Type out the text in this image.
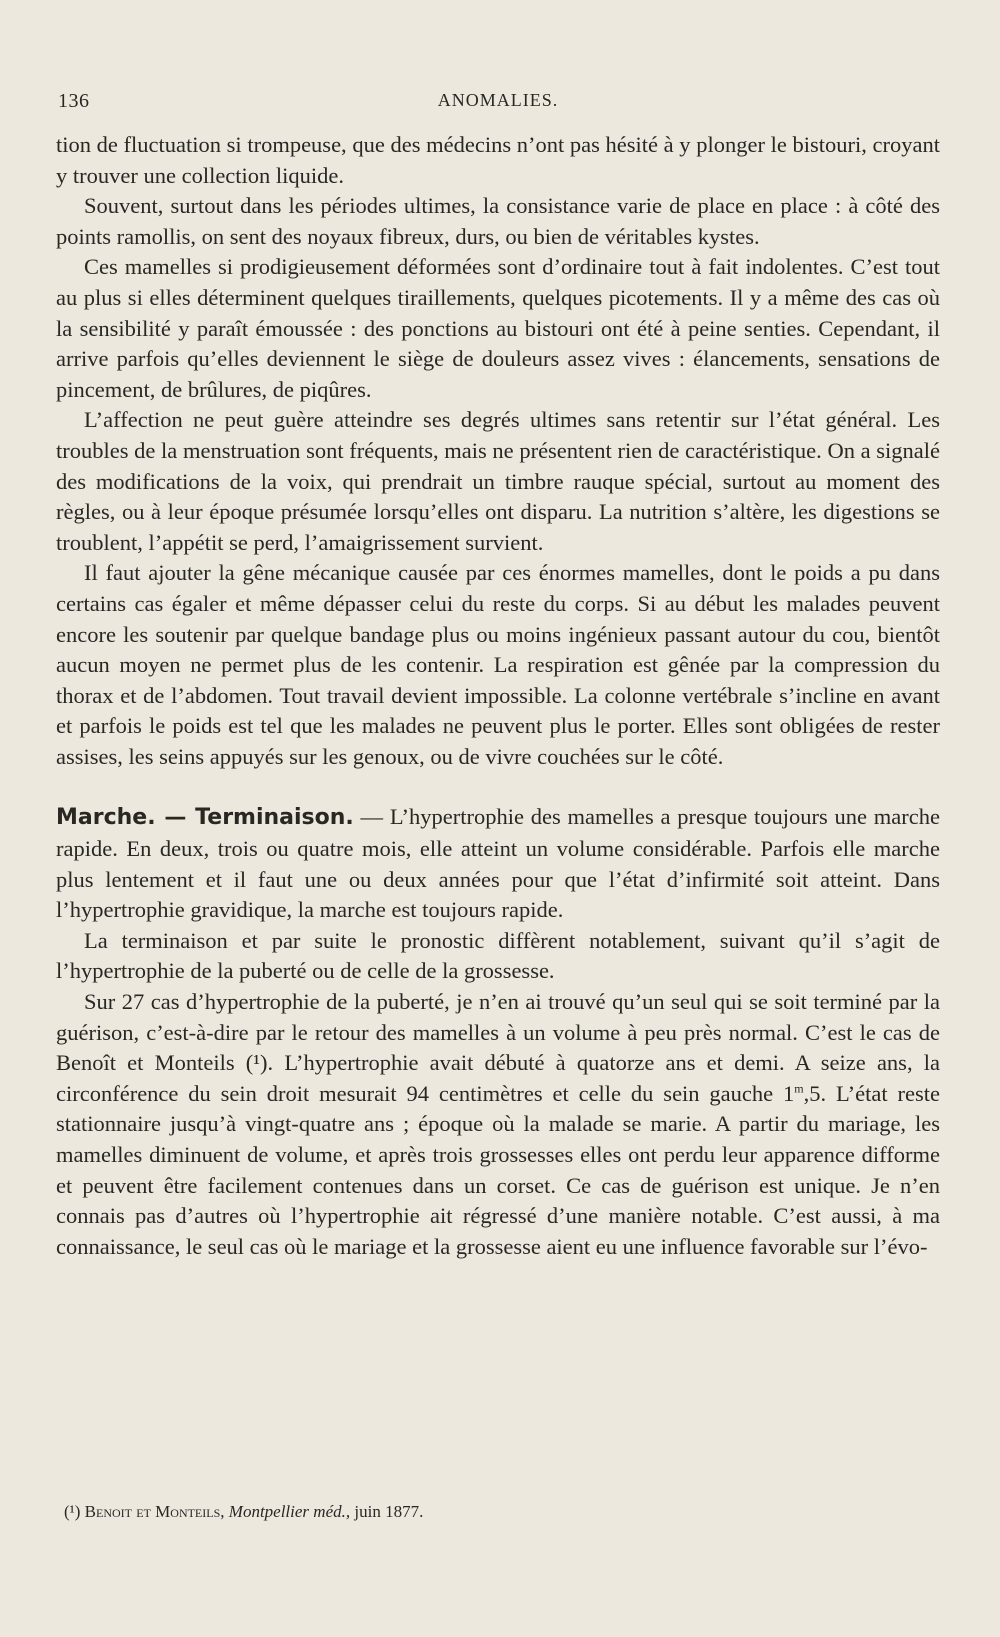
136	ANOMALIES.

tion de fluctuation si trompeuse, que des médecins n’ont pas hésité à y plonger le bistouri, croyant y trouver une collection liquide.

Souvent, surtout dans les périodes ultimes, la consistance varie de place en place : à côté des points ramollis, on sent des noyaux fibreux, durs, ou bien de véritables kystes.

Ces mamelles si prodigieusement déformées sont d’ordinaire tout à fait indolentes. C’est tout au plus si elles déterminent quelques tiraillements, quelques picotements. Il y a même des cas où la sensibilité y paraît émoussée : des ponctions au bistouri ont été à peine senties. Cependant, il arrive parfois qu’elles deviennent le siège de douleurs assez vives : élancements, sensations de pincement, de brûlures, de piqûres.

L’affection ne peut guère atteindre ses degrés ultimes sans retentir sur l’état général. Les troubles de la menstruation sont fréquents, mais ne présentent rien de caractéristique. On a signalé des modifications de la voix, qui prendrait un timbre rauque spécial, surtout au moment des règles, ou à leur époque présumée lorsqu’elles ont disparu. La nutrition s’altère, les digestions se troublent, l’appétit se perd, l’amaigrissement survient.

Il faut ajouter la gêne mécanique causée par ces énormes mamelles, dont le poids a pu dans certains cas égaler et même dépasser celui du reste du corps. Si au début les malades peuvent encore les soutenir par quelque bandage plus ou moins ingénieux passant autour du cou, bientôt aucun moyen ne permet plus de les contenir. La respiration est gênée par la compression du thorax et de l’abdomen. Tout travail devient impossible. La colonne vertébrale s’incline en avant et parfois le poids est tel que les malades ne peuvent plus le porter. Elles sont obligées de rester assises, les seins appuyés sur les genoux, ou de vivre couchées sur le côté.

Marche. — Terminaison. — L’hypertrophie des mamelles a presque toujours une marche rapide. En deux, trois ou quatre mois, elle atteint un volume considérable. Parfois elle marche plus lentement et il faut une ou deux années pour que l’état d’infirmité soit atteint. Dans l’hypertrophie gravidique, la marche est toujours rapide.

La terminaison et par suite le pronostic diffèrent notablement, suivant qu’il s’agit de l’hypertrophie de la puberté ou de celle de la grossesse.

Sur 27 cas d’hypertrophie de la puberté, je n’en ai trouvé qu’un seul qui se soit terminé par la guérison, c’est-à-dire par le retour des mamelles à un volume à peu près normal. C’est le cas de Benoît et Monteils (¹). L’hypertrophie avait débuté à quatorze ans et demi. A seize ans, la circonférence du sein droit mesurait 94 centimètres et celle du sein gauche 1$^m$,5. L’état reste stationnaire jusqu’à vingt-quatre ans ; époque où la malade se marie. A partir du mariage, les mamelles diminuent de volume, et après trois grossesses elles ont perdu leur apparence difforme et peuvent être facilement contenues dans un corset. Ce cas de guérison est unique. Je n’en connais pas d’autres où l’hypertrophie ait régressé d’une manière notable. C’est aussi, à ma connaissance, le seul cas où le mariage et la grossesse aient eu une influence favorable sur l’évo-

(¹) Benoit et Monteils, Montpellier méd., juin 1877.
